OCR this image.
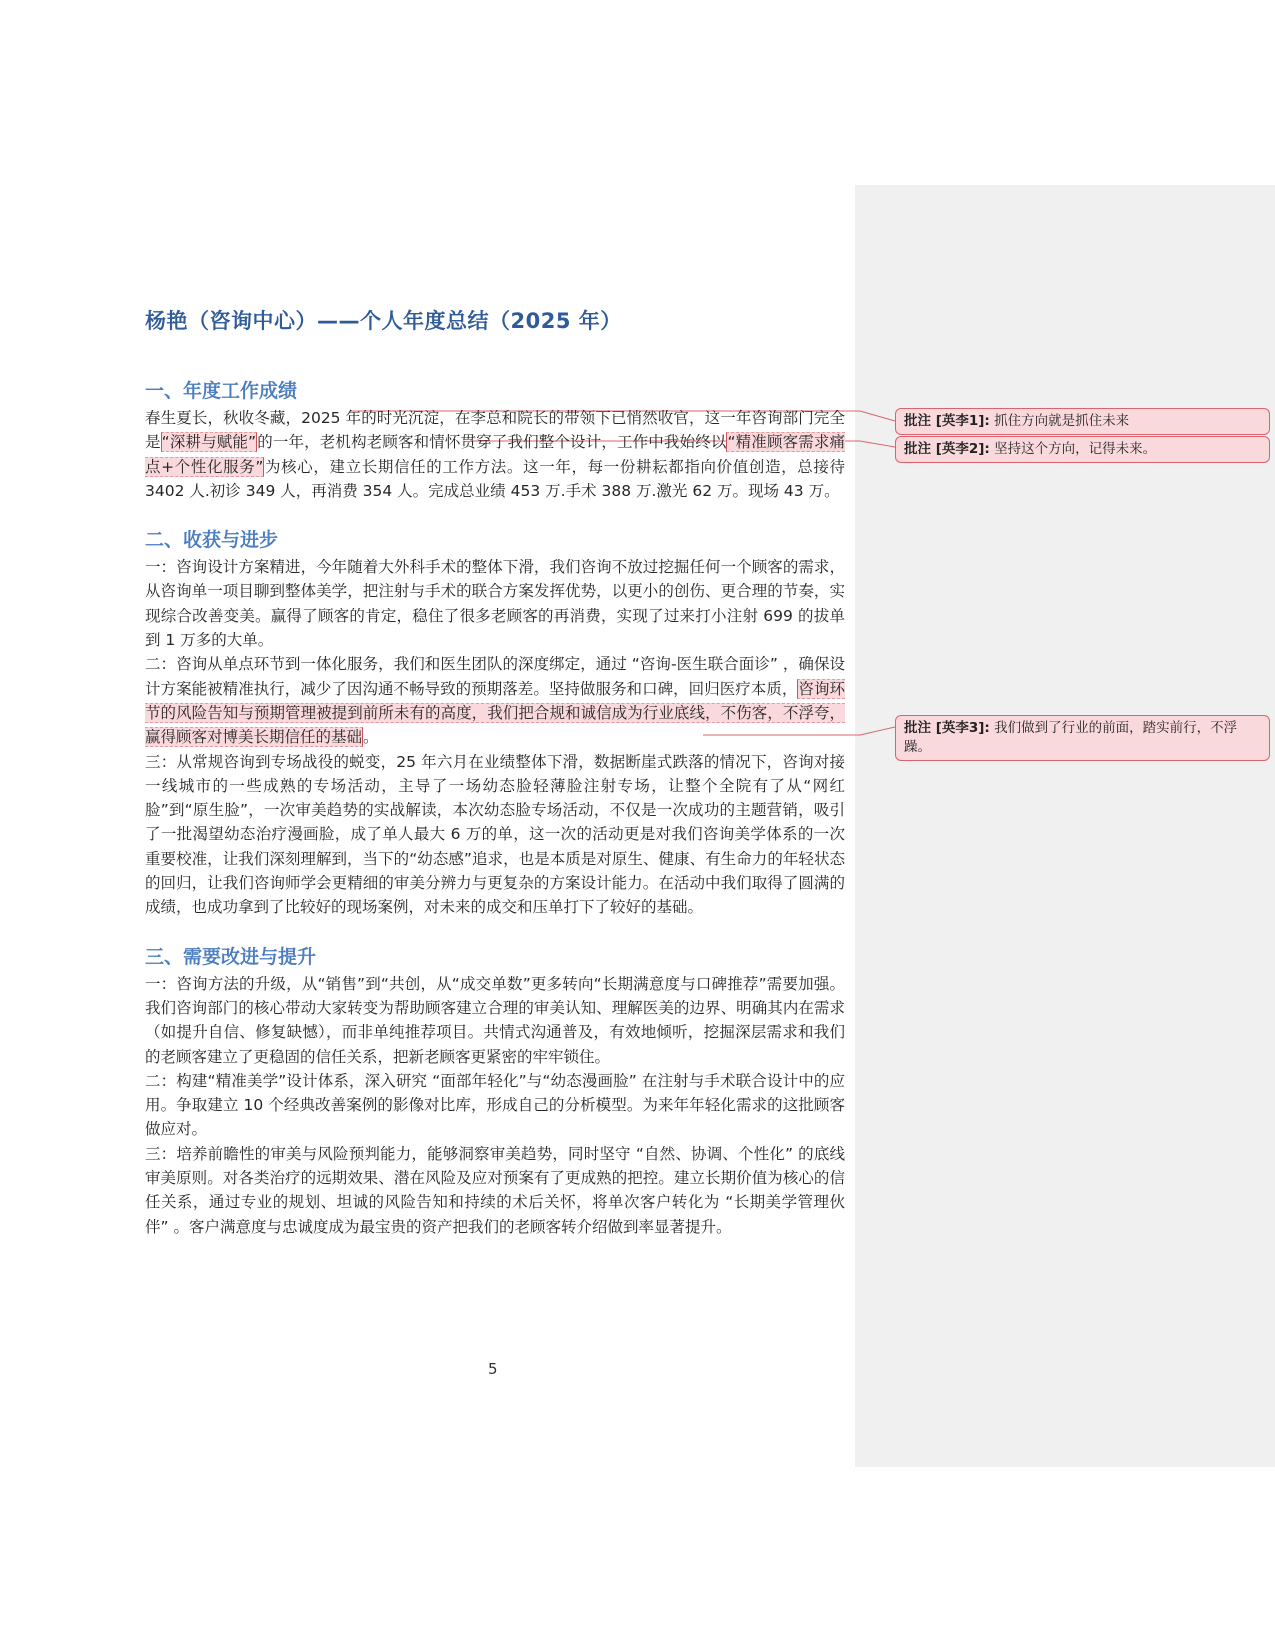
杨艳（咨询中心）——个人年度总结（2025 年）
一、年度工作成绩

春生夏长，秋收冬藏，2025 年的时光沉淀，在李总和院长的带领下已悄然收官，这一年咨询部门完全是“深耕与赋能”的一年，老机构老顾客和情怀贯穿了我们整个设计，工作中我始终以“精准顾客需求痛点+个性化服务”为核心，建立长期信任的工作方法。这一年，每一份耕耘都指向价值创造，总接待 3402 人.初诊 349 人，再消费 354 人。完成总业绩 453 万.手术 388 万.激光 62 万。现场 43 万。

二、收获与进步

一：咨询设计方案精进，今年随着大外科手术的整体下滑，我们咨询不放过挖掘任何一个顾客的需求，从咨询单一项目聊到整体美学，把注射与手术的联合方案发挥优势，以更小的创伤、更合理的节奏，实现综合改善变美。赢得了顾客的肯定，稳住了很多老顾客的再消费，实现了过来打小注射 699 的拔单到 1 万多的大单。

二：咨询从单点环节到一体化服务，我们和医生团队的深度绑定，通过 “咨询-医生联合面诊” ，确保设计方案能被精准执行，减少了因沟通不畅导致的预期落差。坚持做服务和口碑，回归医疗本质，咨询环节的风险告知与预期管理被提到前所未有的高度，我们把合规和诚信成为行业底线，不伤客，不浮夸，赢得顾客对博美长期信任的基础。

三：从常规咨询到专场战役的蜕变，25 年六月在业绩整体下滑，数据断崖式跌落的情况下，咨询对接一线城市的一些成熟的专场活动，主导了一场幼态脸轻薄脸注射专场，让整个全院有了从“网红脸”到“原生脸”，一次审美趋势的实战解读，本次幼态脸专场活动，不仅是一次成功的主题营销，吸引了一批渴望幼态治疗漫画脸，成了单人最大 6 万的单，这一次的活动更是对我们咨询美学体系的一次重要校准，让我们深刻理解到，当下的“幼态感”追求，也是本质是对原生、健康、有生命力的年轻状态的回归，让我们咨询师学会更精细的审美分辨力与更复杂的方案设计能力。在活动中我们取得了圆满的成绩，也成功拿到了比较好的现场案例，对未来的成交和压单打下了较好的基础。

三、需要改进与提升

一：咨询方法的升级，从“销售”到“共创，从“成交单数”更多转向“长期满意度与口碑推荐”需要加强。我们咨询部门的核心带动大家转变为帮助顾客建立合理的审美认知、理解医美的边界、明确其内在需求（如提升自信、修复缺憾），而非单纯推荐项目。共情式沟通普及，有效地倾听，挖掘深层需求和我们的老顾客建立了更稳固的信任关系，把新老顾客更紧密的牢牢锁住。

二：构建“精准美学”设计体系，深入研究 “面部年轻化”与“幼态漫画脸” 在注射与手术联合设计中的应用。争取建立 10 个经典改善案例的影像对比库，形成自己的分析模型。为来年年轻化需求的这批顾客做应对。

三：培养前瞻性的审美与风险预判能力，能够洞察审美趋势，同时坚守 “自然、协调、个性化” 的底线审美原则。对各类治疗的远期效果、潜在风险及应对预案有了更成熟的把控。建立长期价值为核心的信任关系，通过专业的规划、坦诚的风险告知和持续的术后关怀，将单次客户转化为 “长期美学管理伙伴” 。客户满意度与忠诚度成为最宝贵的资产把我们的老顾客转介绍做到率显著提升。

批注 [英李1]: 抓住方向就是抓住未来
批注 [英李2]: 坚持这个方向，记得未来。
批注 [英李3]: 我们做到了行业的前面，踏实前行，不浮躁。
5
